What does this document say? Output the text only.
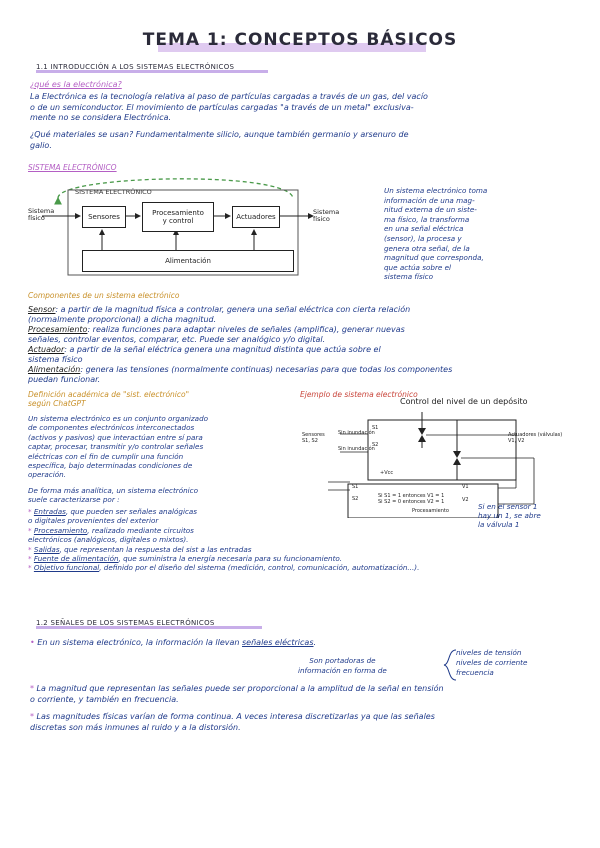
TEMA 1: CONCEPTOS BÁSICOS
1.1 INTRODUCCIÓN A LOS SISTEMAS ELECTRÓNICOS
¿qué es la electrónica?
La Electrónica es la tecnología relativa al paso de partículas cargadas a través de un gas, del vacío
o de un semiconductor. El movimiento de partículas cargadas "a través de un metal" exclusiva-
mente no se considera Electrónica.
¿Qué materiales se usan? Fundamentalmente silicio, aunque también germanio y arsenuro de
galio.
SISTEMA ELECTRÓNICO
SISTEMA ELECTRÓNICO
Sistema
físico
Sistema
físico
Sensores	Procesamiento
y control	Actuadores
Alimentación
Un sistema electrónico toma
información de una mag-
nitud externa de un siste-
ma físico, la transforma
en una señal eléctrica
(sensor), la procesa y
genera otra señal, de la
magnitud que corresponda,
que actúa sobre el
sistema físico
Componentes de un sistema electrónico
Sensor: a partir de la magnitud física a controlar, genera una señal eléctrica con cierta relación
(normalmente proporcional) a dicha magnitud.
Procesamiento: realiza funciones para adaptar niveles de señales (amplifica), generar nuevas
señales, controlar eventos, comparar, etc. Puede ser analógico y/o digital.
Actuador: a partir de la señal eléctrica genera una magnitud distinta que actúa sobre el
sistema físico
Alimentación: genera las tensiones (normalmente continuas) necesarias para que todas los componentes
puedan funcionar.
Definición académica de "sist. electrónico"
según ChatGPT
Un sistema electrónico es un conjunto organizado
de componentes electrónicos interconectados
(activos y pasivos) que interactúan entre sí para
captar, procesar, transmitir y/o controlar señales
eléctricas con el fin de cumplir una función
específica, bajo determinadas condiciones de
operación.
De forma más analítica, un sistema electrónico
suele caracterizarse por :
* Entradas, que pueden ser señales analógicas
o digitales provenientes del exterior
* Procesamiento, realizado mediante circuitos
electrónicos (analógicos, digitales o mixtos).
* Salidas, que representan la respuesta del sist a las entradas
* Fuente de alimentación, que suministra la energía necesaria para su funcionamiento.
* Objetivo funcional, definido por el diseño del sistema (medición, control, comunicación, automatización...).
Ejemplo de sistema electrónico
Control del nivel de un depósito
Sensores
S1, S2
Sin inundación
Sin inundación
S1
S2
Actuadores (válvulas)
V1, V2
+Vcc
S1
S2	Si S1 = 1 entonces V1 = 1
Si S2 = 0 entonces V2 = 1
Procesamiento
V1
V2
Si en el sensor 1
hay un 1, se abre
la válvula 1
1.2 SEÑALES DE LOS SISTEMAS ELECTRÓNICOS
• En un sistema electrónico, la información la llevan señales eléctricas.
Son portadoras de
información en forma de
niveles de tensión
niveles de corriente
frecuencia
* La magnitud que representan las señales puede ser proporcional a la amplitud de la señal en tensión
o corriente, y también en frecuencia.
* Las magnitudes físicas varían de forma continua. A veces interesa discretizarlas ya que las señales
discretas son más inmunes al ruido y a la distorsión.
